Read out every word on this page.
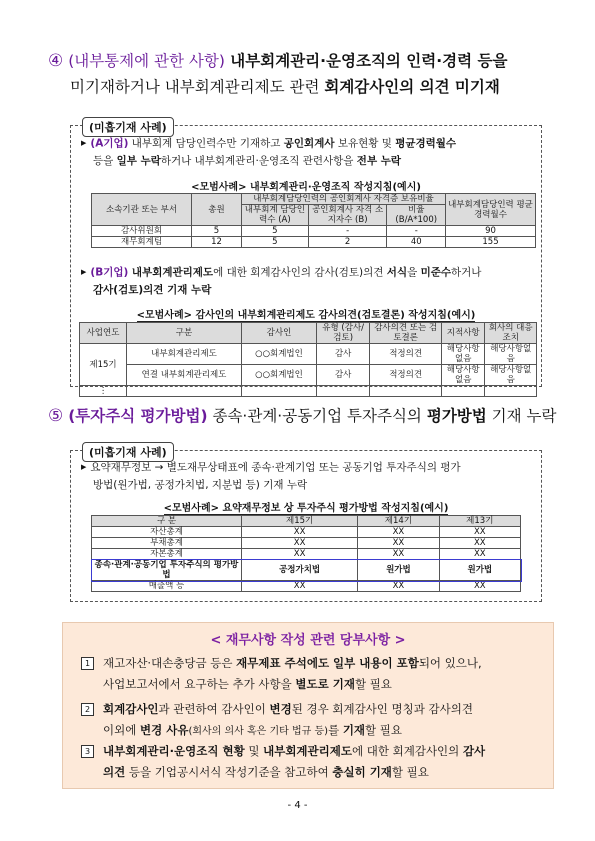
④ (내부통제에 관한 사항) 내부회계관리·운영조직의 인력·경력 등을
미기재하거나 내부회계관리제도 관련 회계감사인의 의견 미기재
▶ (A기업) 내부회계 담당인력수만 기재하고 공인회계사 보유현황 및 평균경력월수
등을 일부 누락하거나 내부회계관리·운영조직 관련사항을 전부 누락
<모범사례> 내부회계관리·운영조직 작성지침(예시)
소속기관 또는 부서	총원	내부회계담당인력의 공인회계사 자격증 보유비율			내부회계담당인력 평균경력월수
		내부회계 담당인력수 (A)	공인회계사 자격 소지자수 (B)	비율 (B/A*100)	
감사위원회	5	5	-	-	90
재무회계팀	12	5	2	40	155
▶ (B기업) 내부회계관리제도에 대한 회계감사인의 감사(검토)의견 서식을 미준수하거나
감사(검토)의견 기재 누락
<모범사례> 감사인의 내부회계관리제도 감사의견(검토결론) 작성지침(예시)
사업연도	구분	감사인	유형 (감사/검토)	감사의견 또는 검토결론	지적사항	회사의 대응조치
제15기	내부회계관리제도	○○회계법인	감사	적정의견	해당사항없음	해당사항없음
	연결 내부회계관리제도	○○회계법인	감사	적정의견	해당사항없음	해당사항없음
⋮						
(미흡기재 사례)
⑤ (투자주식 평가방법) 종속·관계·공동기업 투자주식의 평가방법 기재 누락
▶ 요약재무정보 → 별도재무상태표에 종속·관계기업 또는 공동기업 투자주식의 평가
방법(원가법, 공정가치법, 지분법 등) 기재 누락
<모범사례> 요약재무정보 상 투자주식 평가방법 작성지침(예시)
구 분	제15기	제14기	제13기
자산총계	XX	XX	XX
부채총계	XX	XX	XX
자본총계	XX	XX	XX
종속·관계·공동기업 투자주식의 평가방법	공정가치법	원가법	원가법
매출액 등	XX	XX	XX
(미흡기재 사례)
< 재무사항 작성 관련 당부사항 >
1 재고자산·대손충당금 등은 재무제표 주석에도 일부 내용이 포함되어 있으나,
사업보고서에서 요구하는 추가 사항을 별도로 기재할 필요
2 회계감사인과 관련하여 감사인이 변경된 경우 회계감사인 명칭과 감사의견
이외에 변경 사유(회사의 의사 혹은 기타 법규 등)를 기재할 필요
3 내부회계관리·운영조직 현황 및 내부회계관리제도에 대한 회계감사인의 감사
의견 등을 기업공시서식 작성기준을 참고하여 충실히 기재할 필요
- 4 -
